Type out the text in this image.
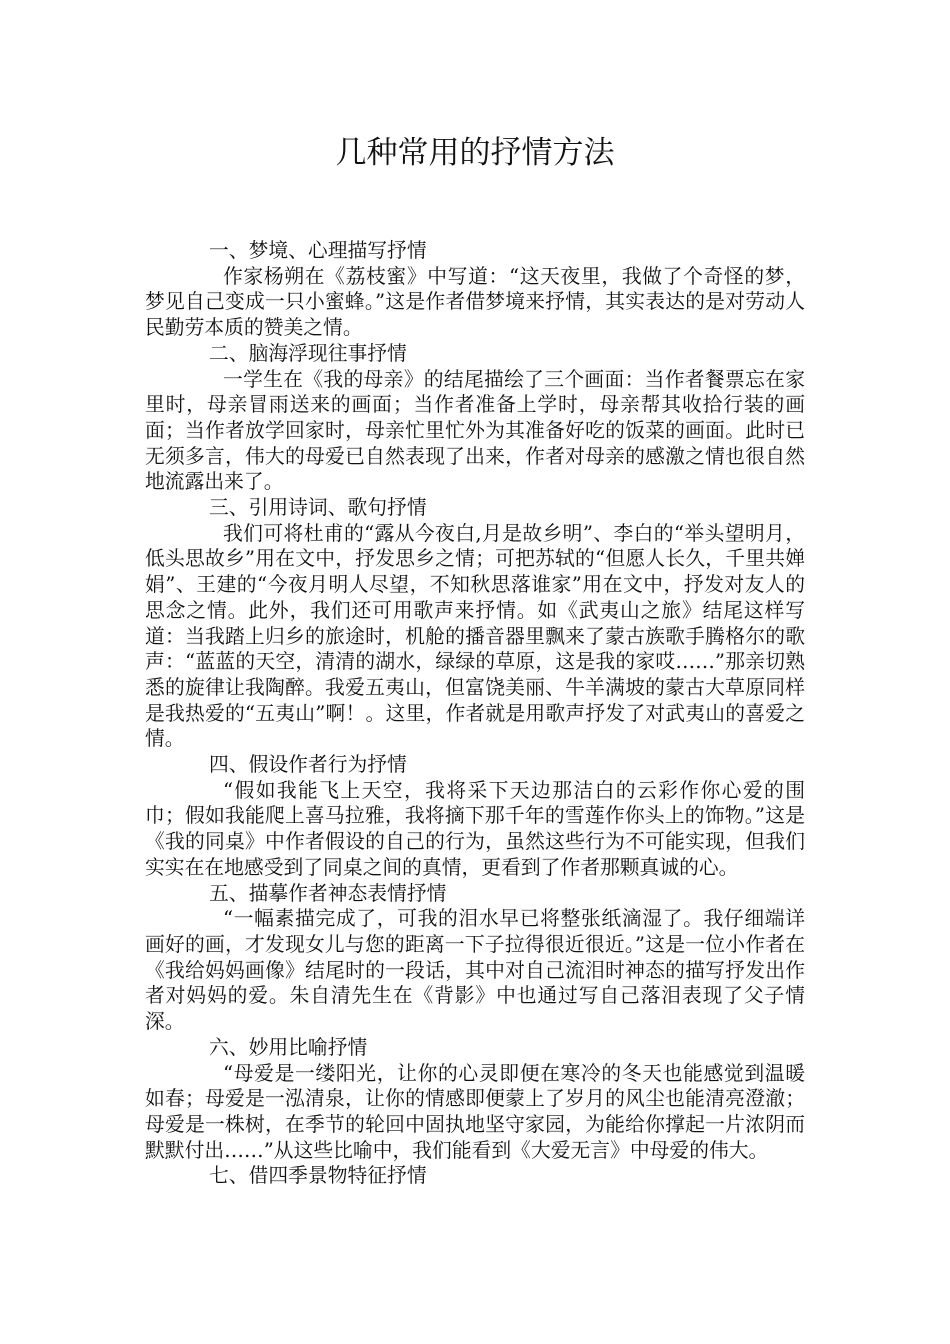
几种常用的抒情方法

一、梦境、心理描写抒情

作家杨朔在《荔枝蜜》中写道：“这天夜里，我做了个奇怪的梦，梦见自己变成一只小蜜蜂。”这是作者借梦境来抒情，其实表达的是对劳动人民勤劳本质的赞美之情。

二、脑海浮现往事抒情

一学生在《我的母亲》的结尾描绘了三个画面：当作者餐票忘在家里时，母亲冒雨送来的画面；当作者准备上学时，母亲帮其收拾行装的画面；当作者放学回家时，母亲忙里忙外为其准备好吃的饭菜的画面。此时已无须多言，伟大的母爱已自然表现了出来，作者对母亲的感激之情也很自然地流露出来了。

三、引用诗词、歌句抒情

我们可将杜甫的“露从今夜白,月是故乡明”、李白的“举头望明月，低头思故乡”用在文中，抒发思乡之情；可把苏轼的“但愿人长久，千里共婵娟”、王建的“今夜月明人尽望，不知秋思落谁家”用在文中，抒发对友人的思念之情。此外，我们还可用歌声来抒情。如《武夷山之旅》结尾这样写道：当我踏上归乡的旅途时，机舱的播音器里飘来了蒙古族歌手腾格尔的歌声：“蓝蓝的天空，清清的湖水，绿绿的草原，这是我的家哎……”那亲切熟悉的旋律让我陶醉。我爱五夷山，但富饶美丽、牛羊满坡的蒙古大草原同样是我热爱的“五夷山”啊！。这里，作者就是用歌声抒发了对武夷山的喜爱之情。

四、假设作者行为抒情

“假如我能飞上天空，我将采下天边那洁白的云彩作你心爱的围巾；假如我能爬上喜马拉雅，我将摘下那千年的雪莲作你头上的饰物。”这是《我的同桌》中作者假设的自己的行为，虽然这些行为不可能实现，但我们实实在在地感受到了同桌之间的真情，更看到了作者那颗真诚的心。

五、描摹作者神态表情抒情

“一幅素描完成了，可我的泪水早已将整张纸滴湿了。我仔细端详画好的画，才发现女儿与您的距离一下子拉得很近很近。”这是一位小作者在《我给妈妈画像》结尾时的一段话，其中对自己流泪时神态的描写抒发出作者对妈妈的爱。朱自清先生在《背影》中也通过写自己落泪表现了父子情深。

六、妙用比喻抒情

“母爱是一缕阳光，让你的心灵即便在寒冷的冬天也能感觉到温暖如春；母爱是一泓清泉，让你的情感即便蒙上了岁月的风尘也能清亮澄澈；母爱是一株树，在季节的轮回中固执地坚守家园，为能给你撑起一片浓阴而默默付出……”从这些比喻中，我们能看到《大爱无言》中母爱的伟大。

七、借四季景物特征抒情
